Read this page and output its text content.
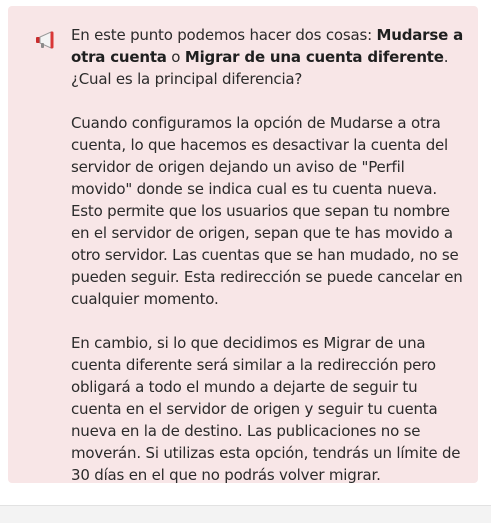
En este punto podemos hacer dos cosas: Mudarse a otra cuenta o Migrar de una cuenta diferente. ¿Cual es la principal diferencia?

Cuando configuramos la opción de Mudarse a otra cuenta, lo que hacemos es desactivar la cuenta del servidor de origen dejando un aviso de "Perfil movido" donde se indica cual es tu cuenta nueva. Esto permite que los usuarios que sepan tu nombre en el servidor de origen, sepan que te has movido a otro servidor. Las cuentas que se han mudado, no se pueden seguir. Esta redirección se puede cancelar en cualquier momento.

En cambio, si lo que decidimos es Migrar de una cuenta diferente será similar a la redirección pero obligará a todo el mundo a dejarte de seguir tu cuenta en el servidor de origen y seguir tu cuenta nueva en la de destino. Las publicaciones no se moverán. Si utilizas esta opción, tendrás un límite de 30 días en el que no podrás volver migrar.
